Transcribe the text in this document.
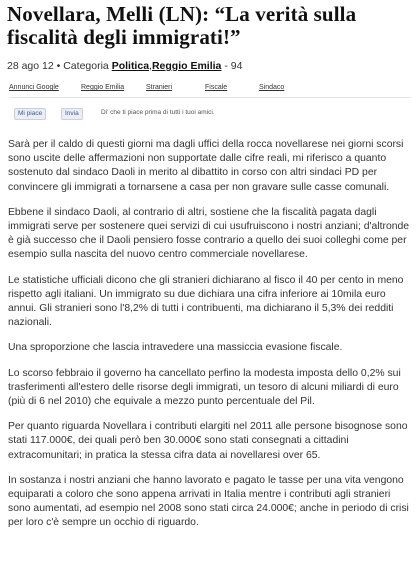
Novellara, Melli (LN): “La verità sulla fiscalità degli immigrati!”
28 ago 12 • Categoria Politica,Reggio Emilia - 94
Annunci Google	Reggio Emilia	Stranieri	Fiscale	Sindaco
Mi piace	Invia	Di' che ti piace prima di tutti i tuoi amici.

Sarà per il caldo di questi giorni ma dagli uffici della rocca novellarese nei giorni scorsi sono uscite delle affermazioni non supportate dalle cifre reali, mi riferisco a quanto sostenuto dal sindaco Daoli in merito al dibattito in corso con altri sindaci PD per convincere gli immigrati a tornarsene a casa per non gravare sulle casse comunali.

Ebbene il sindaco Daoli, al contrario di altri, sostiene che la fiscalità pagata dagli immigrati serve per sostenere quei servizi di cui usufruiscono i nostri anziani; d'altronde è già successo che il Daoli pensiero fosse contrario a quello dei suoi colleghi come per esempio sulla nascita del nuovo centro commerciale novellarese.

Le statistiche ufficiali dicono che gli stranieri dichiarano al fisco il 40 per cento in meno rispetto agli italiani. Un immigrato su due dichiara una cifra inferiore ai 10mila euro annui. Gli stranieri sono l'8,2% di tutti i contribuenti, ma dichiarano il 5,3% dei redditi nazionali.

Una sproporzione che lascia intravedere una massiccia evasione fiscale.

Lo scorso febbraio il governo ha cancellato perfino la modesta imposta dello 0,2% sui trasferimenti all'estero delle risorse degli immigrati, un tesoro di alcuni miliardi di euro (più di 6 nel 2010) che equivale a mezzo punto percentuale del Pil.

Per quanto riguarda Novellara i contributi elargiti nel 2011 alle persone bisognose sono stati 117.000€, dei quali però ben 30.000€ sono stati consegnati a cittadini extracomunitari; in pratica la stessa cifra data ai novellaresi over 65.

In sostanza i nostri anziani che hanno lavorato e pagato le tasse per una vita vengono equiparati a coloro che sono appena arrivati in Italia mentre i contributi agli stranieri sono aumentati, ad esempio nel 2008 sono stati circa 24.000€; anche in periodo di crisi per loro c'è sempre un occhio di riguardo.
